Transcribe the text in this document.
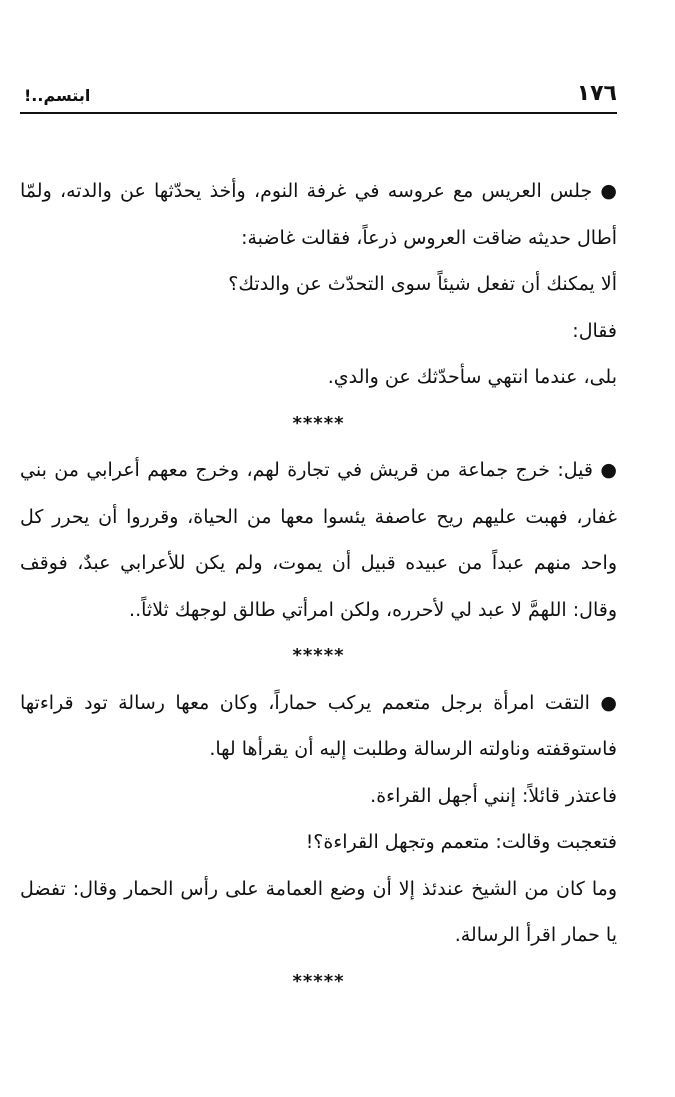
١٧٦
ابتسم..!

● جلس العريس مع عروسه في غرفة النوم، وأخذ يحدّثها عن والدته، ولمّا أطال حديثه ضاقت العروس ذرعاً، فقالت غاضبة:

ألا يمكنك أن تفعل شيئاً سوى التحدّث عن والدتك؟

فقال:

بلى، عندما انتهي سأحدّثك عن والدي.

*****

● قيل: خرج جماعة من قريش في تجارة لهم، وخرج معهم أعرابي من بني غفار، فهبت عليهم ريح عاصفة يئسوا معها من الحياة، وقرروا أن يحرر كل واحد منهم عبداً من عبيده قبيل أن يموت، ولم يكن للأعرابي عبدٌ، فوقف وقال: اللهمَّ لا عبد لي لأحرره، ولكن امرأتي طالق لوجهك ثلاثاً..

*****

● التقت امرأة برجل متعمم يركب حماراً، وكان معها رسالة تود قراءتها فاستوقفته وناولته الرسالة وطلبت إليه أن يقرأها لها.

فاعتذر قائلاً: إنني أجهل القراءة.

فتعجبت وقالت: متعمم وتجهل القراءة؟!

وما كان من الشيخ عندئذ إلا أن وضع العمامة على رأس الحمار وقال: تفضل يا حمار اقرأ الرسالة.

*****
